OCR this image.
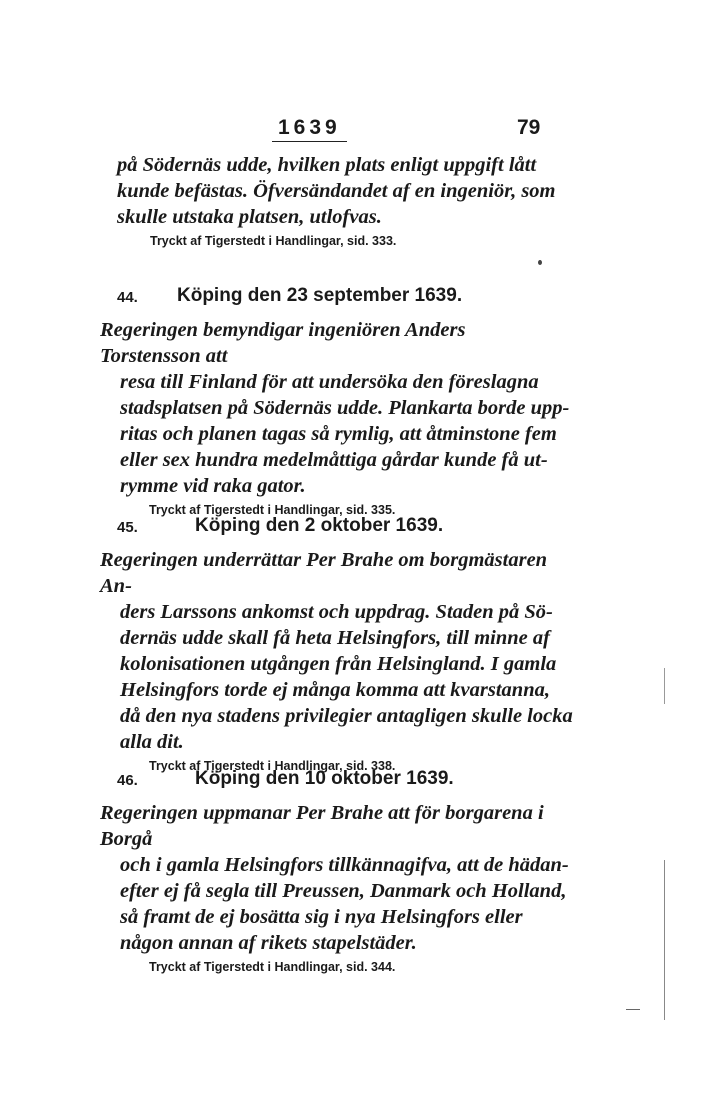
1639	79

på Södernäs udde, hvilken plats enligt uppgift lått
kunde befästas. Öfversändandet af en ingeniör, som
skulle utstaka platsen, utlofvas.

Tryckt af Tigerstedt i Handlingar, sid. 333.

44. Köping den 23 september 1639.

Regeringen bemyndigar ingeniören Anders Torstensson att
resa till Finland för att undersöka den föreslagna
stadsplatsen på Södernäs udde. Plankarta borde upp-
ritas och planen tagas så rymlig, att åtminstone fem
eller sex hundra medelmåttiga gårdar kunde få ut-
rymme vid raka gator.

Tryckt af Tigerstedt i Handlingar, sid. 335.

45.	Köping den 2 oktober 1639.

Regeringen underrättar Per Brahe om borgmästaren An-
ders Larssons ankomst och uppdrag. Staden på Sö-
dernäs udde skall få heta Helsingfors, till minne af
kolonisationen utgången från Helsingland. I gamla
Helsingfors torde ej många komma att kvarstanna,
då den nya stadens privilegier antagligen skulle locka
alla dit.

Tryckt af Tigerstedt i Handlingar, sid. 338.

46.	Köping den 10 oktober 1639.

Regeringen uppmanar Per Brahe att för borgarena i Borgå
och i gamla Helsingfors tillkännagifva, att de hädan-
efter ej få segla till Preussen, Danmark och Holland,
så framt de ej bosätta sig i nya Helsingfors eller
någon annan af rikets stapelstäder.

Tryckt af Tigerstedt i Handlingar, sid. 344.
